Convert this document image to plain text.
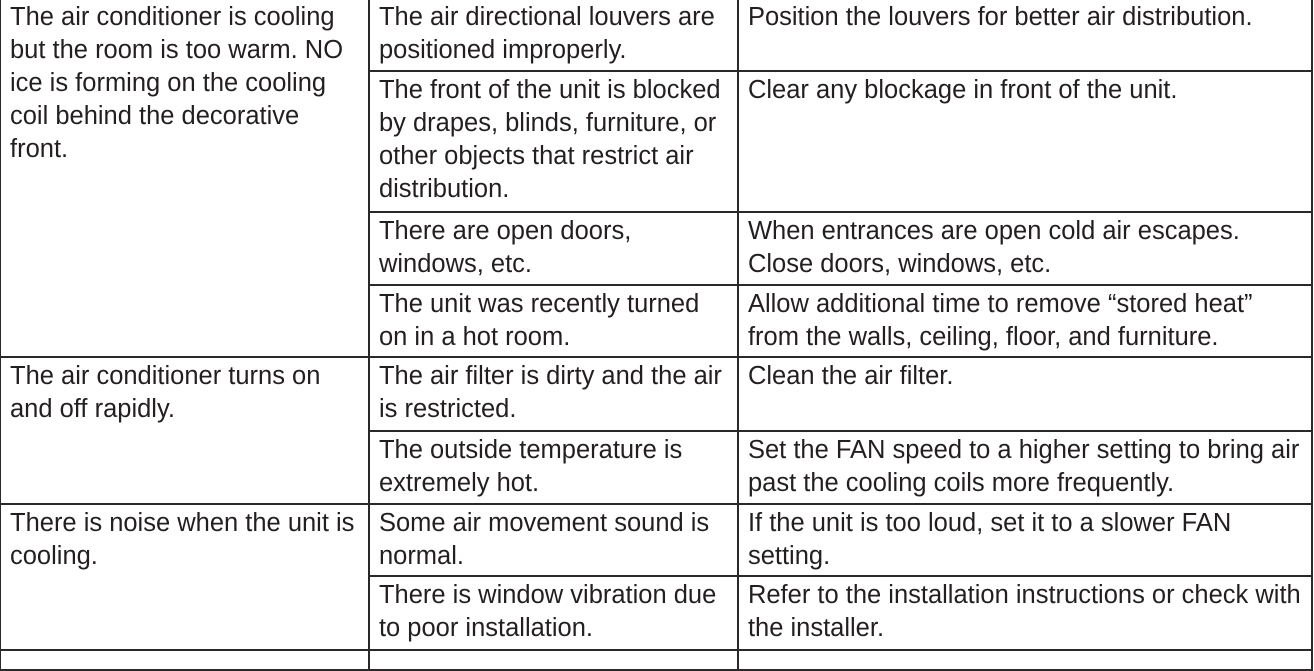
The air conditioner is cooling but the room is too warm. NO ice is forming on the cooling coil behind the decorative front.	The air directional louvers are positioned improperly.	Position the louvers for better air distribution.
	The front of the unit is blocked by drapes, blinds, furniture, or other objects that restrict air distribution.	Clear any blockage in front of the unit.
	There are open doors, windows, etc.	When entrances are open cold air escapes. Close doors, windows, etc.
	The unit was recently turned on in a hot room.	Allow additional time to remove “stored heat” from the walls, ceiling, floor, and furniture.
The air conditioner turns on and off rapidly.	The air filter is dirty and the air is restricted.	Clean the air filter.
	The outside temperature is extremely hot.	Set the FAN speed to a higher setting to bring air past the cooling coils more frequently.
There is noise when the unit is cooling.	Some air movement sound is normal.	If the unit is too loud, set it to a slower FAN setting.
	There is window vibration due to poor installation.	Refer to the installation instructions or check with the installer.
